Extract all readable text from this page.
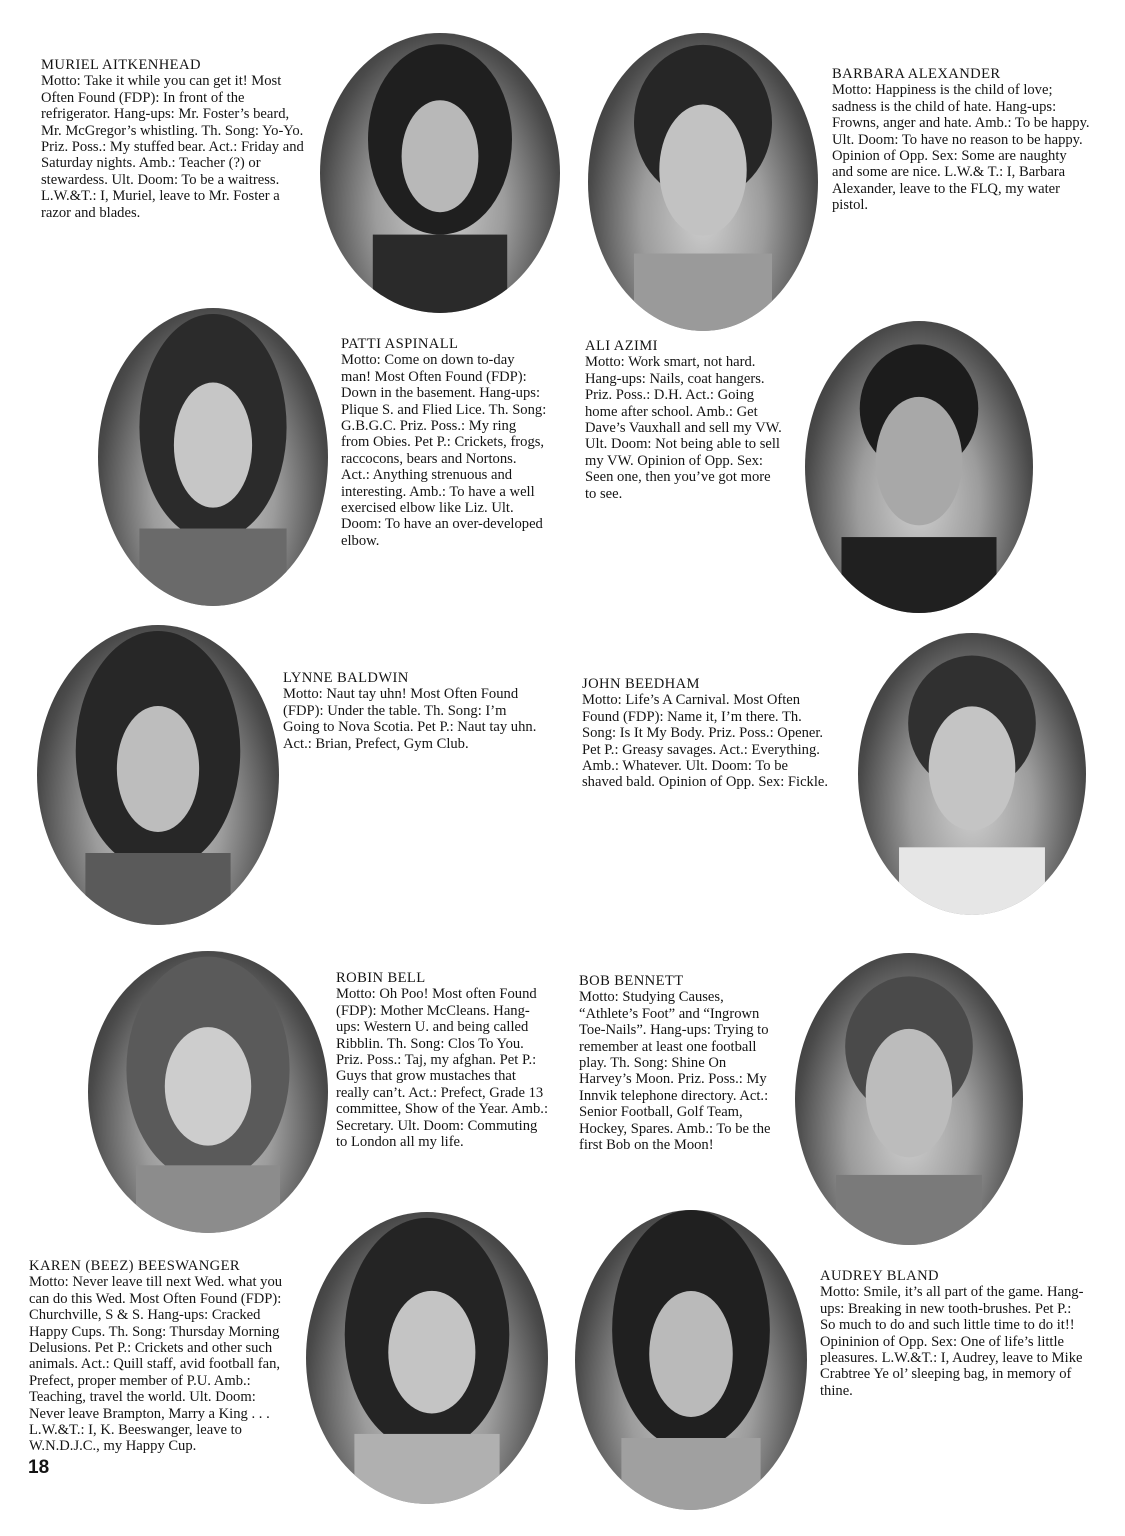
MURIEL AITKENHEAD

Motto: Take it while you can get it! Most Often Found (FDP): In front of the refrigerator. Hang-ups: Mr. Foster’s beard, Mr. McGregor’s whistling. Th. Song: Yo-Yo. Priz. Poss.: My stuffed bear. Act.: Friday and Saturday nights. Amb.: Teacher (?) or stewardess. Ult. Doom: To be a waitress. L.W.&T.: I, Muriel, leave to Mr. Foster a razor and blades.

BARBARA ALEXANDER

Motto: Happiness is the child of love; sadness is the child of hate. Hang-ups: Frowns, anger and hate. Amb.: To be happy. Ult. Doom: To have no reason to be happy. Opinion of Opp. Sex: Some are naughty and some are nice. L.W.& T.: I, Barbara Alexander, leave to the FLQ, my water pistol.

PATTI ASPINALL

Motto: Come on down to-day man! Most Often Found (FDP): Down in the basement. Hang-ups: Plique S. and Flied Lice. Th. Song: G.B.G.C. Priz. Poss.: My ring from Obies. Pet P.: Crickets, frogs, raccocons, bears and Nortons. Act.: Anything strenuous and interesting. Amb.: To have a well exercised elbow like Liz. Ult. Doom: To have an over-developed elbow.

ALI AZIMI

Motto: Work smart, not hard. Hang-ups: Nails, coat hangers. Priz. Poss.: D.H. Act.: Going home after school. Amb.: Get Dave’s Vauxhall and sell my VW. Ult. Doom: Not being able to sell my VW. Opinion of Opp. Sex: Seen one, then you’ve got more to see.

LYNNE BALDWIN

Motto: Naut tay uhn! Most Often Found (FDP): Under the table. Th. Song: I’m Going to Nova Scotia. Pet P.: Naut tay uhn. Act.: Brian, Prefect, Gym Club.

JOHN BEEDHAM

Motto: Life’s A Carnival. Most Often Found (FDP): Name it, I’m there. Th. Song: Is It My Body. Priz. Poss.: Opener. Pet P.: Greasy savages. Act.: Everything. Amb.: Whatever. Ult. Doom: To be shaved bald. Opinion of Opp. Sex: Fickle.

ROBIN BELL

Motto: Oh Poo! Most often Found (FDP): Mother McCleans. Hang-ups: Western U. and being called Ribblin. Th. Song: Clos To You. Priz. Poss.: Taj, my afghan. Pet P.: Guys that grow mustaches that really can’t. Act.: Prefect, Grade 13 committee, Show of the Year. Amb.: Secretary. Ult. Doom: Commuting to London all my life.

BOB BENNETT

Motto: Studying Causes, “Athlete’s Foot” and “Ingrown Toe-Nails”. Hang-ups: Trying to remember at least one football play. Th. Song: Shine On Harvey’s Moon. Priz. Poss.: My Innvik telephone directory. Act.: Senior Football, Golf Team, Hockey, Spares. Amb.: To be the first Bob on the Moon!

KAREN (BEEZ) BEESWANGER

Motto: Never leave till next Wed. what you can do this Wed. Most Often Found (FDP): Churchville, S & S. Hang-ups: Cracked Happy Cups. Th. Song: Thursday Morning Delusions. Pet P.: Crickets and other such animals. Act.: Quill staff, avid football fan, Prefect, proper member of P.U. Amb.: Teaching, travel the world. Ult. Doom: Never leave Brampton, Marry a King . . . L.W.&T.: I, K. Beeswanger, leave to W.N.D.J.C., my Happy Cup.

AUDREY BLAND

Motto: Smile, it’s all part of the game. Hang-ups: Breaking in new tooth-brushes. Pet P.: So much to do and such little time to do it!! Opininion of Opp. Sex: One of life’s little pleasures. L.W.&T.: I, Audrey, leave to Mike Crabtree Ye ol’ sleeping bag, in memory of thine.

18
